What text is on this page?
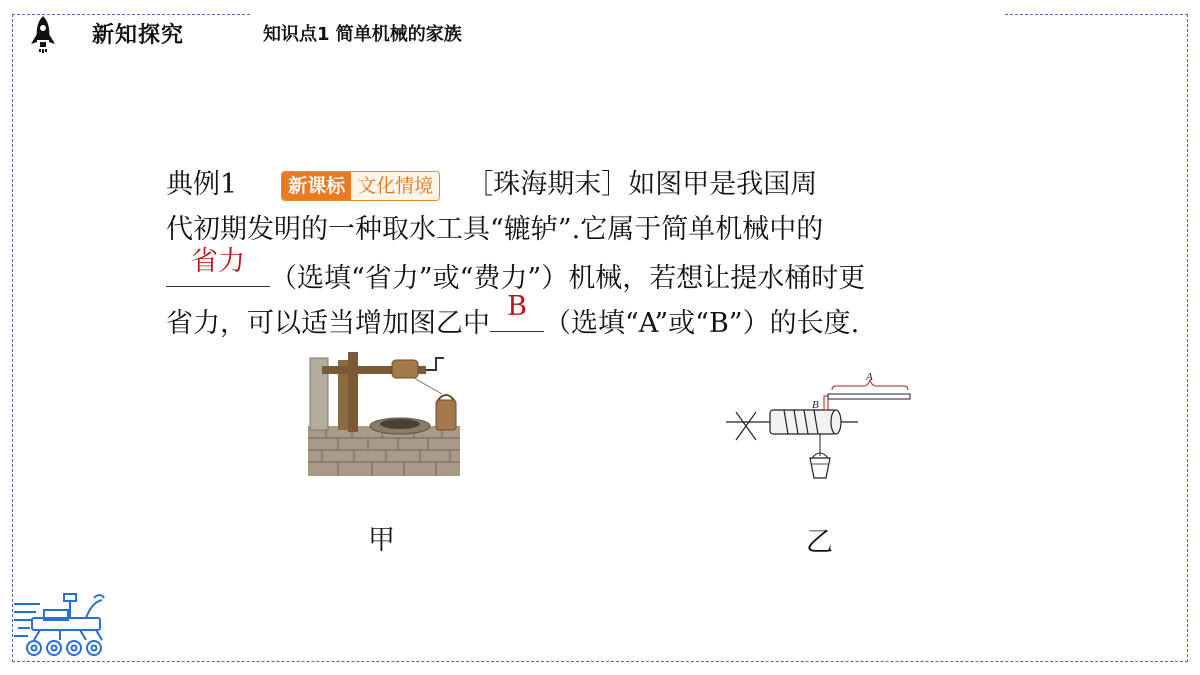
新知探究	知识点1 简单机械的家族
典例1	新课标 文化情境 ［珠海期末］如图甲是我国周
代初期发明的一种取水工具“辘轳”.它属于简单机械中的
省力
（选填“省力”或“费力”）机械，若想让提水桶时更
省力，可以适当增加图乙中
B
（选填“A”或“B”）的长度.
A
B
甲	乙
